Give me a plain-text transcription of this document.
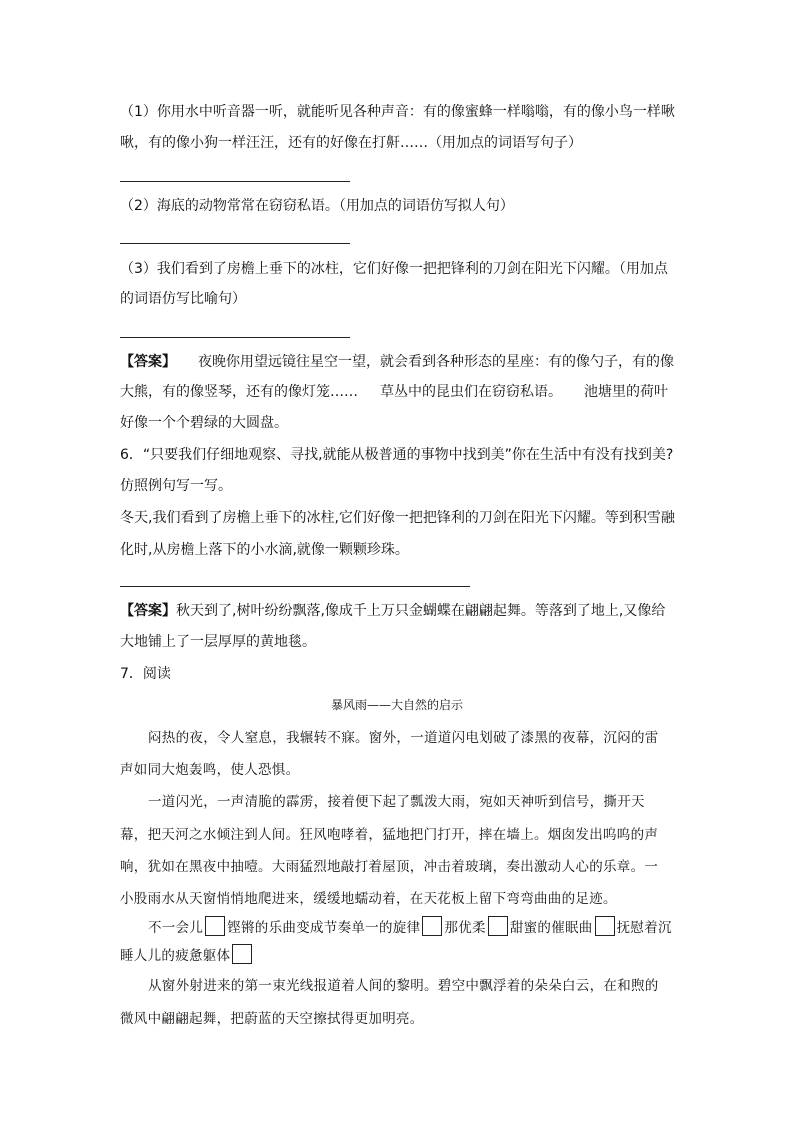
（1）你用水中听音器一听，就能听见各种声音：有的像蜜蜂一样嗡嗡，有的像小鸟一样啾
啾，有的像小狗一样汪汪，还有的好像在打鼾……（用加点的词语写句子）
（2）海底的动物常常在窃窃私语。（用加点的词语仿写拟人句）
（3）我们看到了房檐上垂下的冰柱，它们好像一把把锋利的刀剑在阳光下闪耀。（用加点
的词语仿写比喻句）
【答案】 夜晚你用望远镜往星空一望，就会看到各种形态的星座：有的像勺子，有的像
大熊，有的像竖琴，还有的像灯笼…… 草丛中的昆虫们在窃窃私语。 池塘里的荷叶
好像一个个碧绿的大圆盘。
6．“只要我们仔细地观察、寻找,就能从极普通的事物中找到美”你在生活中有没有找到美?
仿照例句写一写。
冬天,我们看到了房檐上垂下的冰柱,它们好像一把把锋利的刀剑在阳光下闪耀。等到积雪融
化时,从房檐上落下的小水滴,就像一颗颗珍珠。
【答案】秋天到了,树叶纷纷飘落,像成千上万只金蝴蝶在翩翩起舞。等落到了地上,又像给
大地铺上了一层厚厚的黄地毯。
7．阅读
暴风雨——大自然的启示
闷热的夜，令人窒息，我辗转不寐。窗外，一道道闪电划破了漆黑的夜幕，沉闷的雷
声如同大炮轰鸣，使人恐惧。
一道闪光，一声清脆的霹雳，接着便下起了瓢泼大雨，宛如天神听到信号，撕开天
幕，把天河之水倾注到人间。狂风咆哮着，猛地把门打开，摔在墙上。烟囱发出呜呜的声
响，犹如在黑夜中抽噎。大雨猛烈地敲打着屋顶，冲击着玻璃，奏出激动人心的乐章。一
小股雨水从天窗悄悄地爬进来，缓缓地蠕动着，在天花板上留下弯弯曲曲的足迹。
不一会儿 铿锵的乐曲变成节奏单一的旋律 那优柔 甜蜜的催眠曲 抚慰着沉
睡人儿的疲惫躯体
从窗外射进来的第一束光线报道着人间的黎明。碧空中飘浮着的朵朵白云，在和煦的
微风中翩翩起舞，把蔚蓝的天空擦拭得更加明亮。
